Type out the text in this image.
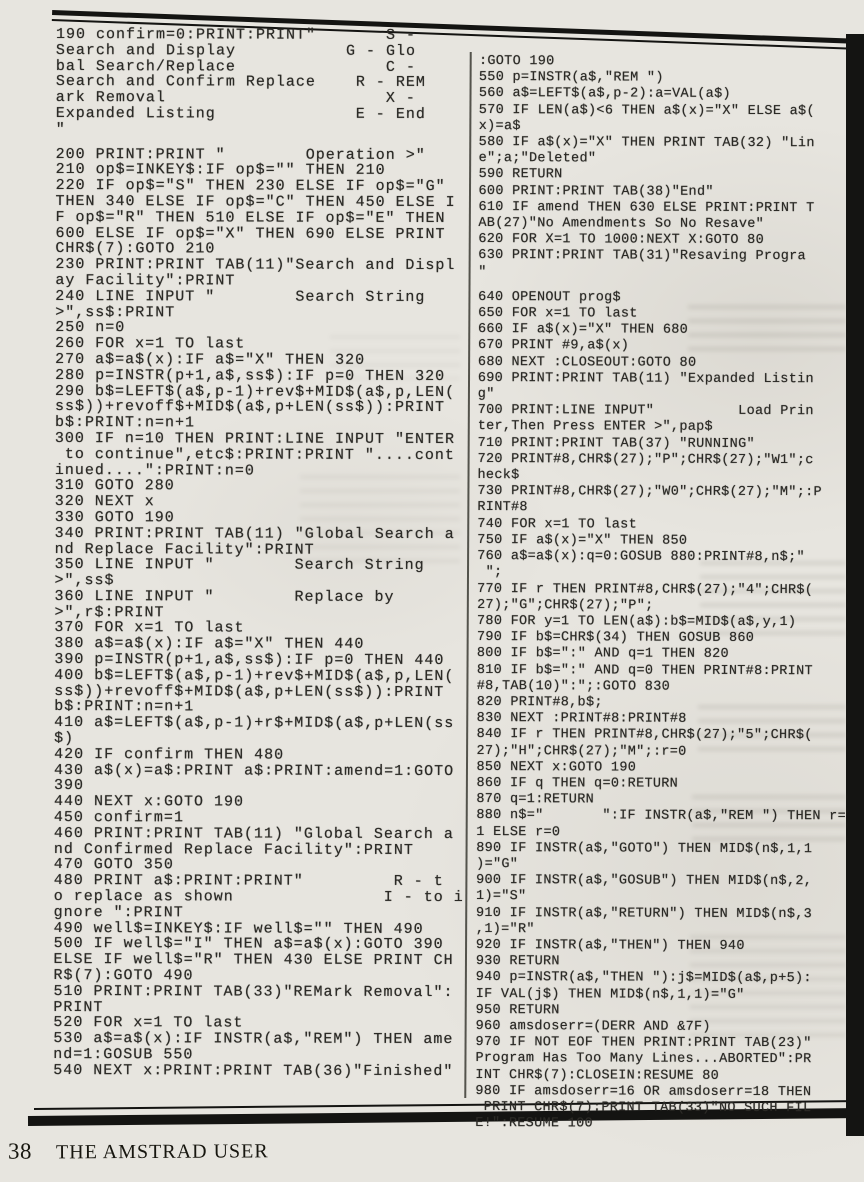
190 confirm=0:PRINT:PRINT"       S -
Search and Display           G - Glo
bal Search/Replace               C -
Search and Confirm Replace    R - REM
ark Removal                      X -
Expanded Listing              E - End
"
200 PRINT:PRINT "        Operation >"
210 op$=INKEY$:IF op$="" THEN 210
220 IF op$="S" THEN 230 ELSE IF op$="G"
THEN 340 ELSE IF op$="C" THEN 450 ELSE I
F op$="R" THEN 510 ELSE IF op$="E" THEN
600 ELSE IF op$="X" THEN 690 ELSE PRINT
CHR$(7):GOTO 210
230 PRINT:PRINT TAB(11)"Search and Displ
ay Facility":PRINT
240 LINE INPUT "        Search String
>",ss$:PRINT
250 n=0
260 FOR x=1 TO last
270 a$=a$(x):IF a$="X" THEN 320
280 p=INSTR(p+1,a$,ss$):IF p=0 THEN 320
290 b$=LEFT$(a$,p-1)+rev$+MID$(a$,p,LEN(
ss$))+revoff$+MID$(a$,p+LEN(ss$)):PRINT
b$:PRINT:n=n+1
300 IF n=10 THEN PRINT:LINE INPUT "ENTER
to continue",etc$:PRINT:PRINT "....cont
inued....":PRINT:n=0
310 GOTO 280
320 NEXT x
330 GOTO 190
340 PRINT:PRINT TAB(11) "Global Search a
nd Replace Facility":PRINT
350 LINE INPUT "        Search String
>",ss$
360 LINE INPUT "        Replace by
>",r$:PRINT
370 FOR x=1 TO last
380 a$=a$(x):IF a$="X" THEN 440
390 p=INSTR(p+1,a$,ss$):IF p=0 THEN 440
400 b$=LEFT$(a$,p-1)+rev$+MID$(a$,p,LEN(
ss$))+revoff$+MID$(a$,p+LEN(ss$)):PRINT
b$:PRINT:n=n+1
410 a$=LEFT$(a$,p-1)+r$+MID$(a$,p+LEN(ss
$)
420 IF confirm THEN 480
430 a$(x)=a$:PRINT a$:PRINT:amend=1:GOTO
390
440 NEXT x:GOTO 190
450 confirm=1
460 PRINT:PRINT TAB(11) "Global Search a
nd Confirmed Replace Facility":PRINT
470 GOTO 350
480 PRINT a$:PRINT:PRINT"         R - t
o replace as shown               I - to i
gnore ":PRINT
490 well$=INKEY$:IF well$="" THEN 490
500 IF well$="I" THEN a$=a$(x):GOTO 390
ELSE IF well$="R" THEN 430 ELSE PRINT CH
R$(7):GOTO 490
510 PRINT:PRINT TAB(33)"REMark Removal":
PRINT
520 FOR x=1 TO last
530 a$=a$(x):IF INSTR(a$,"REM") THEN ame
nd=1:GOSUB 550
540 NEXT x:PRINT:PRINT TAB(36)"Finished"
:GOTO 190
550 p=INSTR(a$,"REM ")
560 a$=LEFT$(a$,p-2):a=VAL(a$)
570 IF LEN(a$)<6 THEN a$(x)="X" ELSE a$(
x)=a$
580 IF a$(x)="X" THEN PRINT TAB(32) "Lin
e";a;"Deleted"
590 RETURN
600 PRINT:PRINT TAB(38)"End"
610 IF amend THEN 630 ELSE PRINT:PRINT T
AB(27)"No Amendments So No Resave"
620 FOR X=1 TO 1000:NEXT X:GOTO 80
630 PRINT:PRINT TAB(31)"Resaving Progra
"
640 OPENOUT prog$
650 FOR x=1 TO last
660 IF a$(x)="X" THEN 680
670 PRINT #9,a$(x)
680 NEXT :CLOSEOUT:GOTO 80
690 PRINT:PRINT TAB(11) "Expanded Listin
g"
700 PRINT:LINE INPUT"          Load Prin
ter,Then Press ENTER >",pap$
710 PRINT:PRINT TAB(37) "RUNNING"
720 PRINT#8,CHR$(27);"P";CHR$(27);"W1";c
heck$
730 PRINT#8,CHR$(27);"W0";CHR$(27);"M";:P
RINT#8
740 FOR x=1 TO last
750 IF a$(x)="X" THEN 850
760 a$=a$(x):q=0:GOSUB 880:PRINT#8,n$;"
";
770 IF r THEN PRINT#8,CHR$(27);"4";CHR$(
27);"G";CHR$(27);"P";
780 FOR y=1 TO LEN(a$):b$=MID$(a$,y,1)
790 IF b$=CHR$(34) THEN GOSUB 860
800 IF b$=":" AND q=1 THEN 820
810 IF b$=":" AND q=0 THEN PRINT#8:PRINT
#8,TAB(10)":";:GOTO 830
820 PRINT#8,b$;
830 NEXT :PRINT#8:PRINT#8
840 IF r THEN PRINT#8,CHR$(27);"5";CHR$(
27);"H";CHR$(27);"M";:r=0
850 NEXT x:GOTO 190
860 IF q THEN q=0:RETURN
870 q=1:RETURN
880 n$="       ":IF INSTR(a$,"REM ") THEN r=
1 ELSE r=0
890 IF INSTR(a$,"GOTO") THEN MID$(n$,1,1
)="G"
900 IF INSTR(a$,"GOSUB") THEN MID$(n$,2,
1)="S"
910 IF INSTR(a$,"RETURN") THEN MID$(n$,3
,1)="R"
920 IF INSTR(a$,"THEN") THEN 940
930 RETURN
940 p=INSTR(a$,"THEN "):j$=MID$(a$,p+5):
IF VAL(j$) THEN MID$(n$,1,1)="G"
950 RETURN
960 amsdoserr=(DERR AND &7F)
970 IF NOT EOF THEN PRINT:PRINT TAB(23)"
Program Has Too Many Lines...ABORTED":PR
INT CHR$(7):CLOSEIN:RESUME 80
980 IF amsdoserr=16 OR amsdoserr=18 THEN
PRINT CHR$(7):PRINT TAB(33)"NO SUCH FIL
E!":RESUME 100
38 THE AMSTRAD USER
